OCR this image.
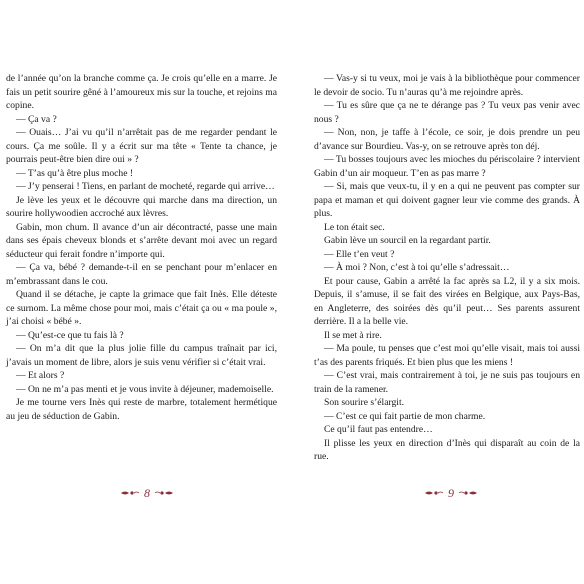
de l’année qu’on la branche comme ça. Je crois qu’elle en a marre. Je fais un petit sourire gêné à l’amoureux mis sur la touche, et rejoins ma copine.

— Ça va ?

— Ouais… J’ai vu qu’il n’arrêtait pas de me regarder pendant le cours. Ça me soûle. Il y a écrit sur ma tête « Tente ta chance, je pourrais peut-être bien dire oui » ?

— T’as qu’à être plus moche !

— J’y penserai ! Tiens, en parlant de mocheté, regarde qui arrive…

Je lève les yeux et le découvre qui marche dans ma direction, un sourire hollywoodien accroché aux lèvres.

Gabin, mon chum. Il avance d’un air décontracté, passe une main dans ses épais cheveux blonds et s’arrête devant moi avec un regard séducteur qui ferait fondre n’importe qui.

— Ça va, bébé ? demande-t-il en se penchant pour m’enlacer en m’embrassant dans le cou.

Quand il se détache, je capte la grimace que fait Inès. Elle déteste ce surnom. La même chose pour moi, mais c’était ça ou « ma poule », j’ai choisi « bébé ».

— Qu’est-ce que tu fais là ?

— On m’a dit que la plus jolie fille du campus traînait par ici, j’avais un moment de libre, alors je suis venu vérifier si c’était vrai.

— Et alors ?

— On ne m’a pas menti et je vous invite à déjeuner, mademoiselle.

Je me tourne vers Inès qui reste de marbre, totalement hermétique au jeu de séduction de Gabin.

— Vas-y si tu veux, moi je vais à la bibliothèque pour commencer le devoir de socio. Tu n’auras qu’à me rejoindre après.

— Tu es sûre que ça ne te dérange pas ? Tu veux pas venir avec nous ?

— Non, non, je taffe à l’école, ce soir, je dois prendre un peu d’avance sur Bourdieu. Vas-y, on se retrouve après ton déj.

— Tu bosses toujours avec les mioches du périscolaire ? intervient Gabin d’un air moqueur. T’en as pas marre ?

— Si, mais que veux-tu, il y en a qui ne peuvent pas compter sur papa et maman et qui doivent gagner leur vie comme des grands. À plus.

Le ton était sec.

Gabin lève un sourcil en la regardant partir.

— Elle t’en veut ?

— À moi ? Non, c’est à toi qu’elle s’adressait…

Et pour cause, Gabin a arrêté la fac après sa L2, il y a six mois. Depuis, il s’amuse, il se fait des virées en Belgique, aux Pays-Bas, en Angleterre, des soirées dès qu’il peut… Ses parents assurent derrière. Il a la belle vie.

Il se met à rire.

— Ma poule, tu penses que c’est moi qu’elle visait, mais toi aussi t’as des parents friqués. Et bien plus que les miens !

— C’est vrai, mais contrairement à toi, je ne suis pas toujours en train de la ramener.

Son sourire s’élargit.

— C’est ce qui fait partie de mon charme.

Ce qu’il faut pas entendre…

Il plisse les yeux en direction d’Inès qui disparaît au coin de la rue.

8	9
